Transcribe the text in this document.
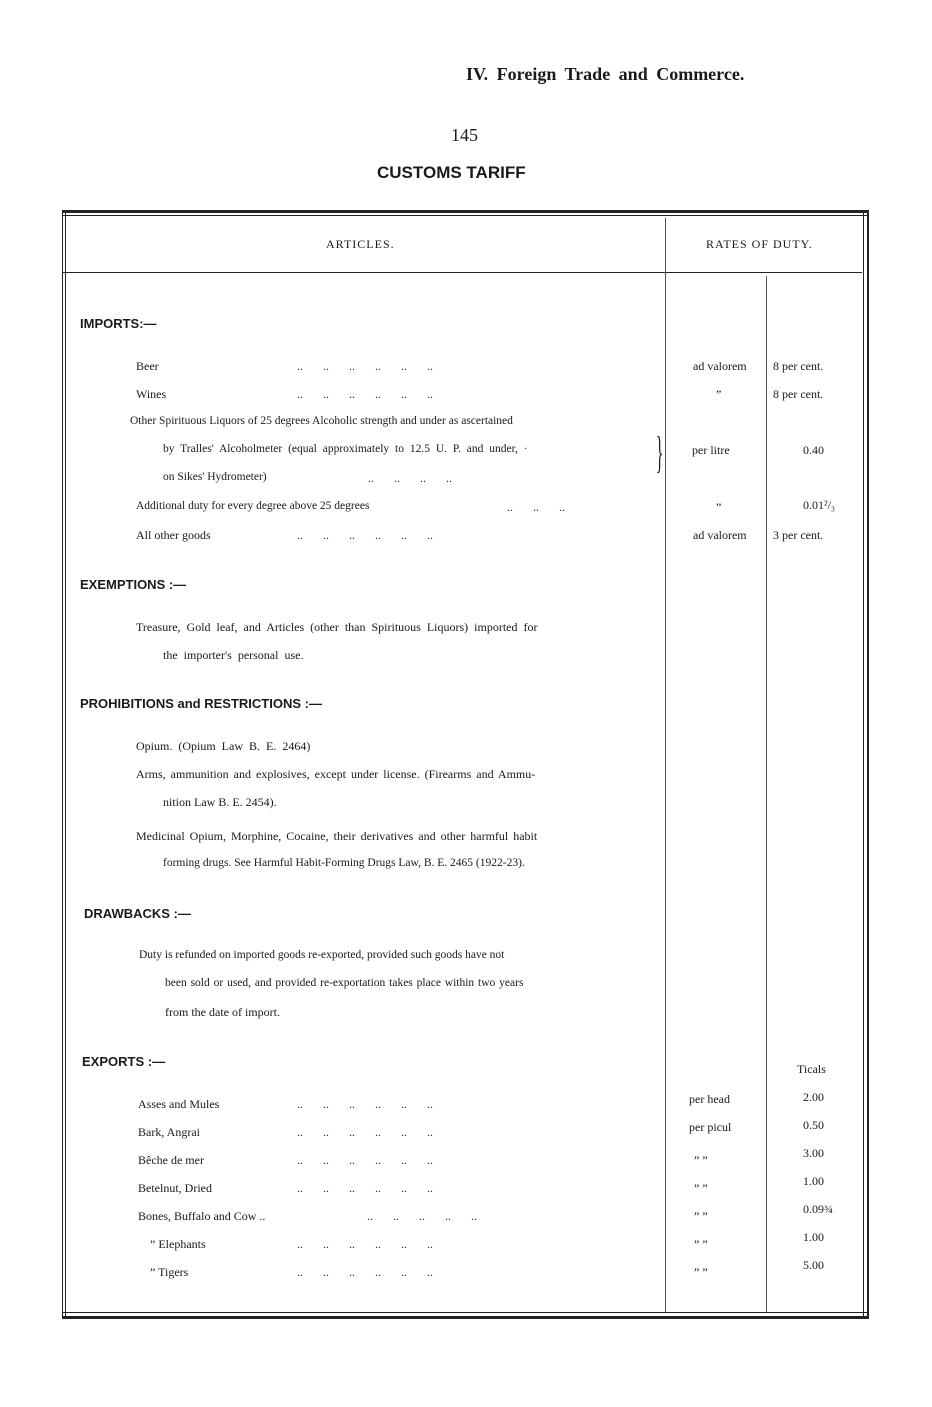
IV. Foreign Trade and Commerce.
145
CUSTOMS TARIFF
ARTICLES.	RATES OF DUTY.
IMPORTS:—
Beer	.. .. .. .. .. ..	ad valorem 8 per cent.
Wines	.. .. .. .. .. ..	”	8 per cent.
Other Spirituous Liquors of 25 degrees Alcoholic strength and under as ascertained
by Tralles' Alcoholmeter (equal approximately to 12.5 U. P. and under, ·
on Sikes' Hydrometer)	.. .. .. ..
} per litre	0.40
Additional duty for every degree above 25 degrees	.. .. ..	”	0.01²/₃
All other goods	.. .. .. .. .. ..	ad valorem 3 per cent.
EXEMPTIONS :—
Treasure, Gold leaf, and Articles (other than Spirituous Liquors) imported for
the importer's personal use.
PROHIBITIONS and RESTRICTIONS :—
Opium. (Opium Law B. E. 2464)
Arms, ammunition and explosives, except under license. (Firearms and Ammu-
nition Law B. E. 2454).
Medicinal Opium, Morphine, Cocaine, their derivatives and other harmful habit
forming drugs. See Harmful Habit-Forming Drugs Law, B. E. 2465 (1922-23).
DRAWBACKS :—
Duty is refunded on imported goods re-exported, provided such goods have not
been sold or used, and provided re-exportation takes place within two years
from the date of import.
EXPORTS :—	Ticals
Asses and Mules	.. .. .. .. .. ..	per head	2.00
Bark, Angrai	.. .. .. .. .. ..	per picul	0.50
Bêche de mer	.. .. .. .. .. ..	” ”	3.00
Betelnut, Dried	.. .. .. .. .. ..	” ”	1.00
Bones, Buffalo and Cow ..	.. .. .. .. ..	” ”	0.09¾
” Elephants	.. .. .. .. .. ..	” ”	1.00
” Tigers	.. .. .. .. .. ..	” ”	5.00
